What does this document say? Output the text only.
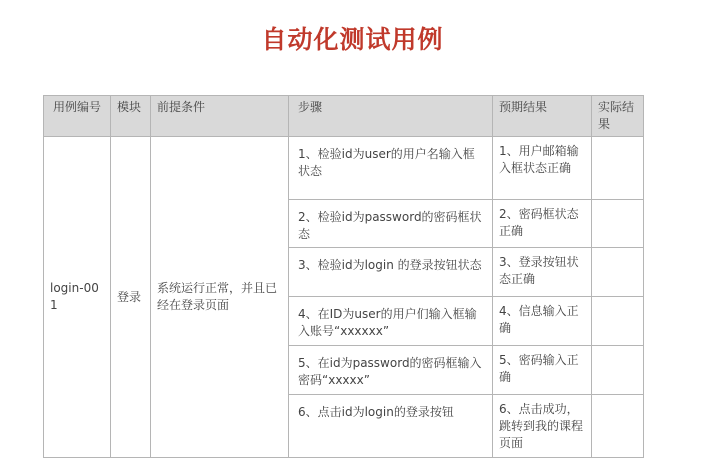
自动化测试用例
用例编号	模块	前提条件	步骤	预期结果	实际结果
login-001	登录	系统运行正常，并且已经在登录页面	1、检验id为user的用户名输入框状态	1、用户邮箱输入框状态正确	
			2、检验id为password的密码框状态	2、密码框状态正确	
			3、检验id为login 的登录按钮状态	3、登录按钮状态正确	
			4、在ID为user的用户们输入框输入账号“xxxxxx”	4、信息输入正确	
			5、在id为password的密码框输入密码“xxxxx”	5、密码输入正确	
			6、点击id为login的登录按钮	6、点击成功，跳转到我的课程页面	
